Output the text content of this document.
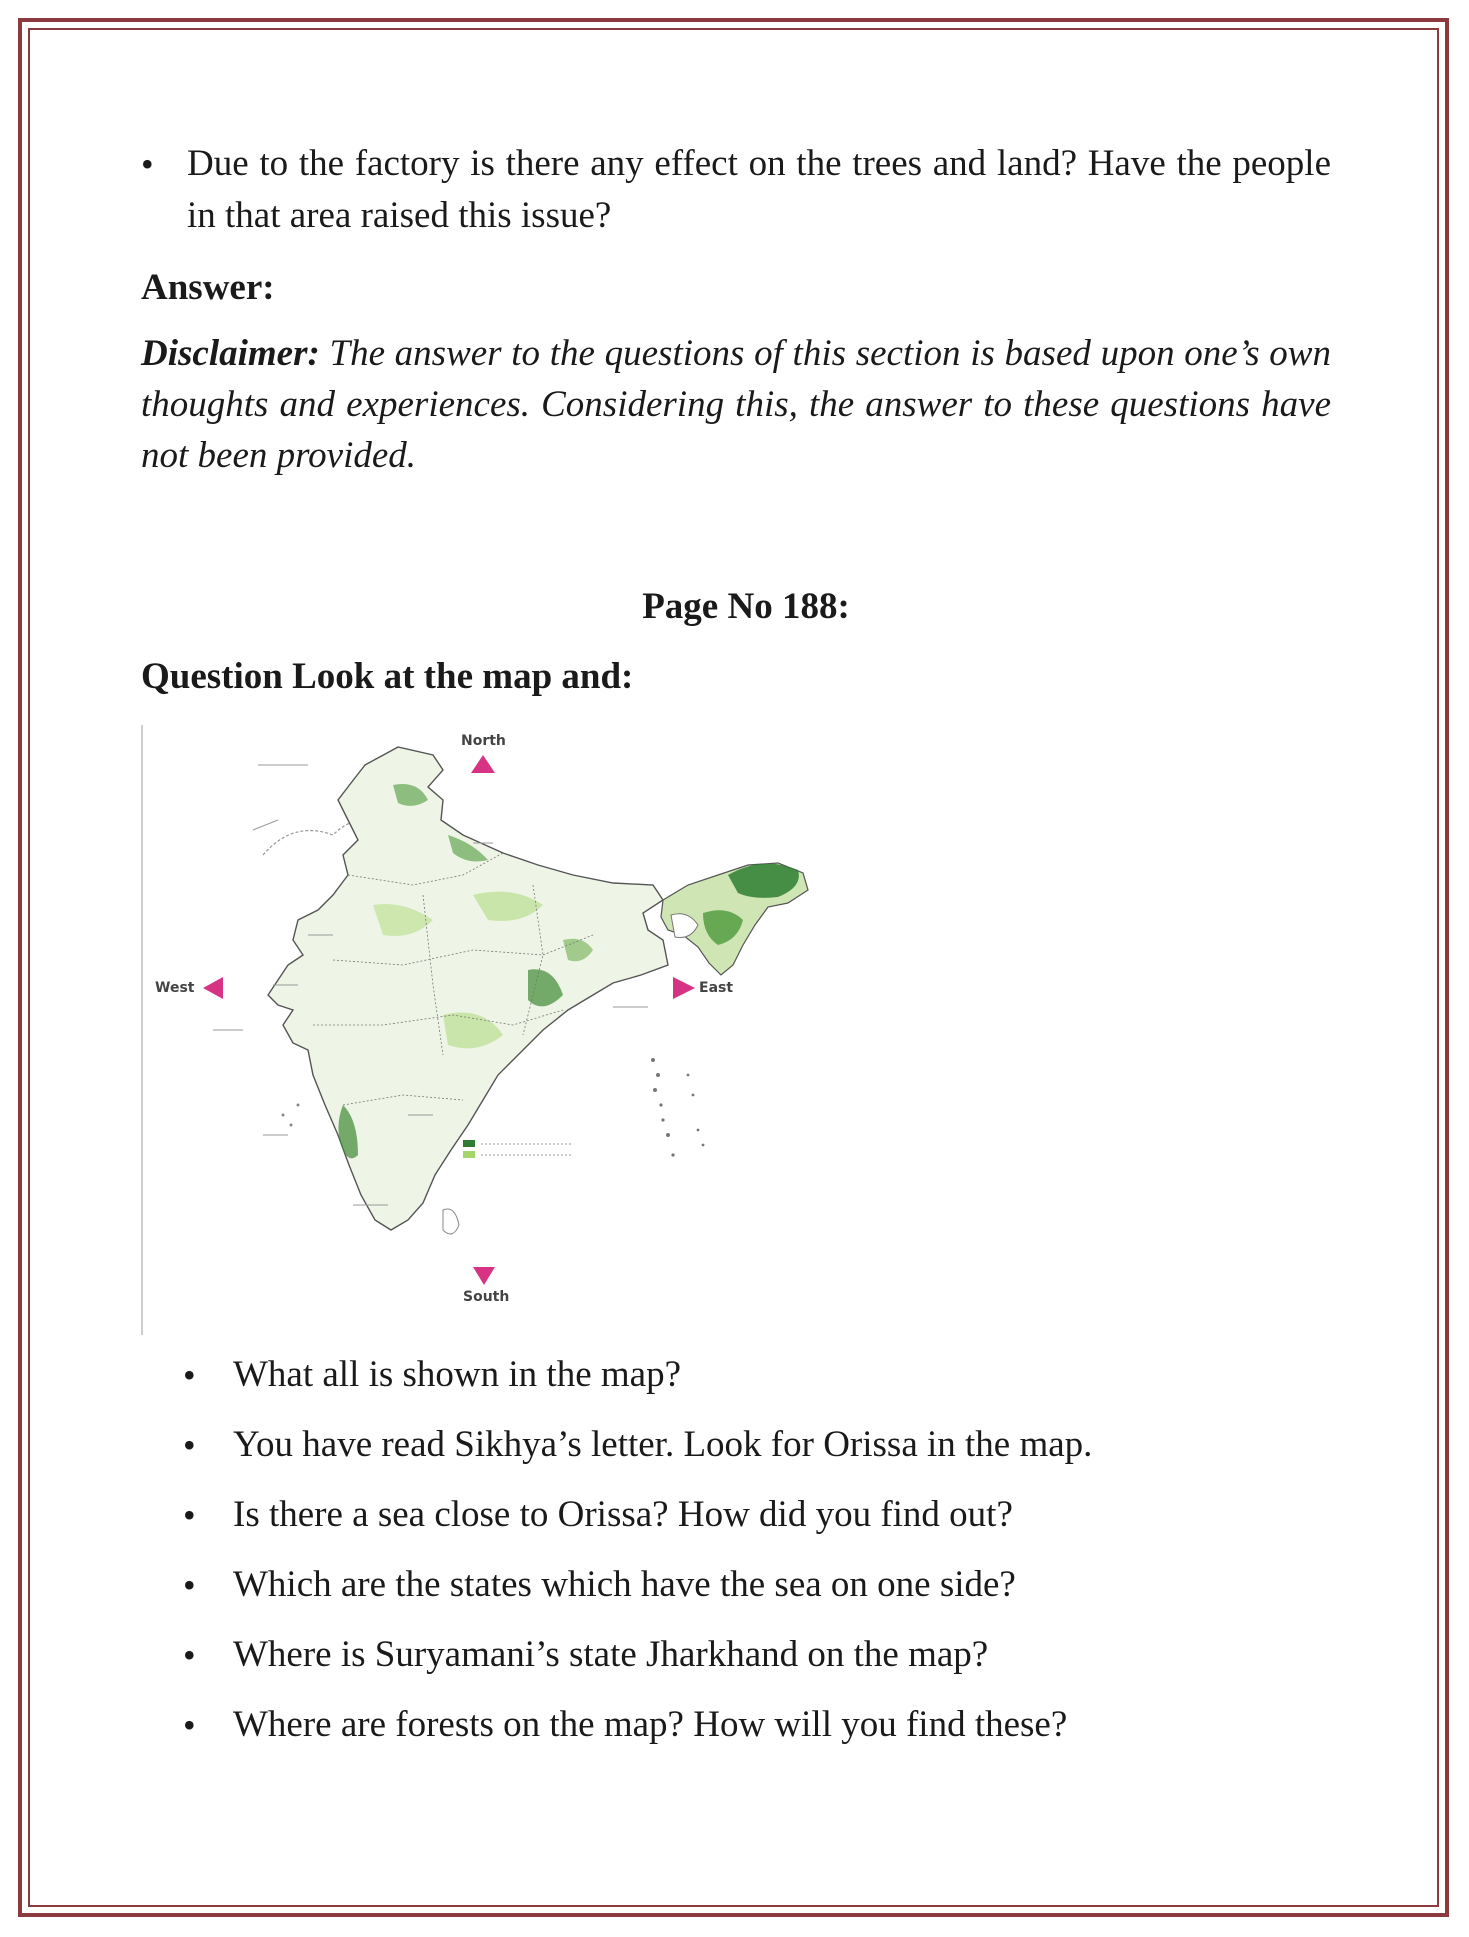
• Due to the factory is there any effect on the trees and land? Have the people in that area raised this issue?
Answer:
Disclaimer: The answer to the questions of this section is based upon one’s own thoughts and experiences. Considering this, the answer to these questions have not been provided.
Page No 188:
Question Look at the map and:
North
South
East
West
•	What all is shown in the map?
•	You have read Sikhya’s letter. Look for Orissa in the map.
•	Is there a sea close to Orissa? How did you find out?
•	Which are the states which have the sea on one side?
•	Where is Suryamani’s state Jharkhand on the map?
•	Where are forests on the map? How will you find these?
